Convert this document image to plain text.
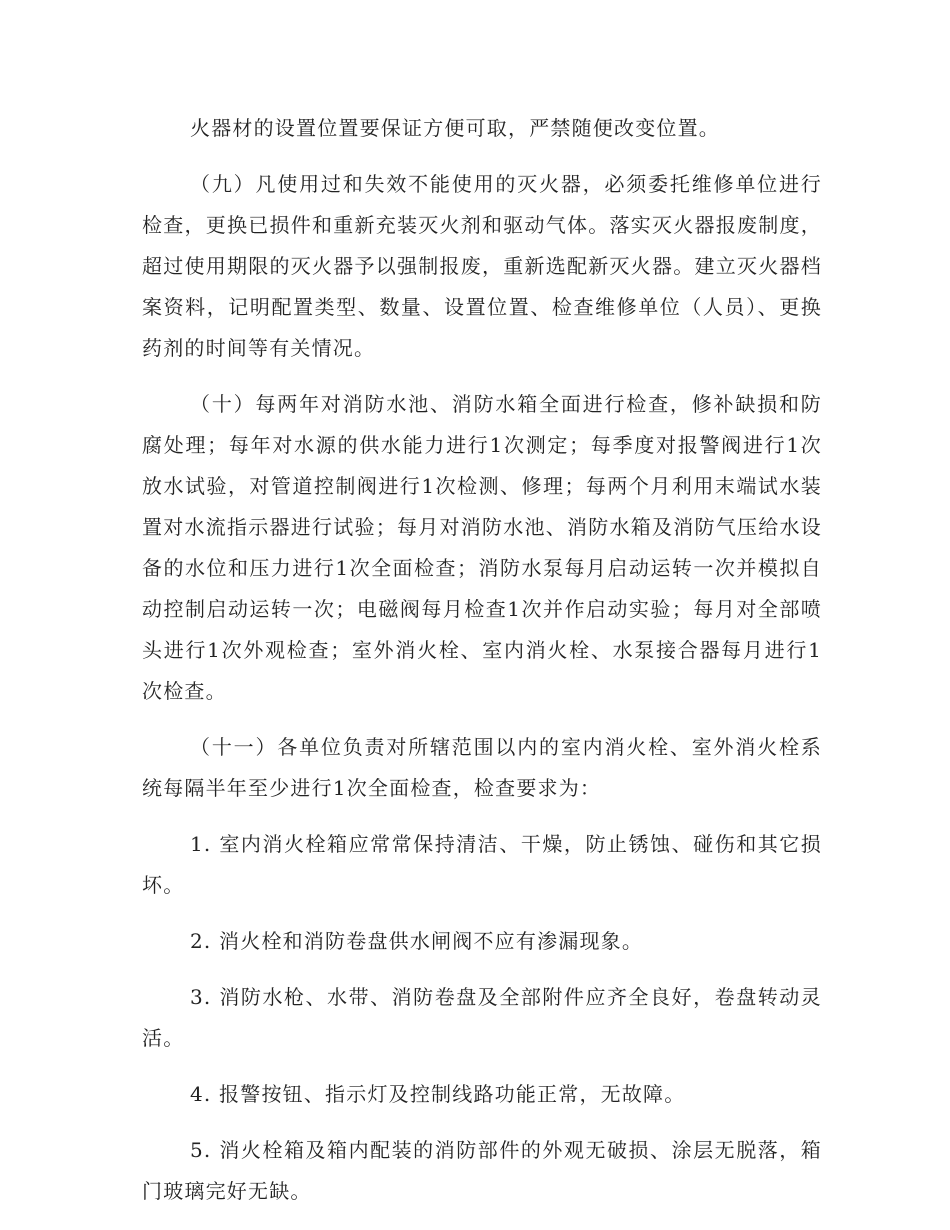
火器材的设置位置要保证方便可取，严禁随便改变位置。

（九）凡使用过和失效不能使用的灭火器，必须委托维修单位进行检查，更换已损件和重新充装灭火剂和驱动气体。落实灭火器报废制度，超过使用期限的灭火器予以强制报废，重新选配新灭火器。建立灭火器档案资料，记明配置类型、数量、设置位置、检查维修单位（人员）、更换药剂的时间等有关情况。

（十）每两年对消防水池、消防水箱全面进行检查，修补缺损和防腐处理；每年对水源的供水能力进行1次测定；每季度对报警阀进行1次放水试验，对管道控制阀进行1次检测、修理；每两个月利用末端试水装置对水流指示器进行试验；每月对消防水池、消防水箱及消防气压给水设备的水位和压力进行1次全面检查；消防水泵每月启动运转一次并模拟自动控制启动运转一次；电磁阀每月检查1次并作启动实验；每月对全部喷头进行1次外观检查；室外消火栓、室内消火栓、水泵接合器每月进行1次检查。

（十一）各单位负责对所辖范围以内的室内消火栓、室外消火栓系统每隔半年至少进行1次全面检查，检查要求为：

1. 室内消火栓箱应常常保持清洁、干燥，防止锈蚀、碰伤和其它损坏。

2. 消火栓和消防卷盘供水闸阀不应有渗漏现象。

3. 消防水枪、水带、消防卷盘及全部附件应齐全良好，卷盘转动灵活。

4. 报警按钮、指示灯及控制线路功能正常，无故障。

5. 消火栓箱及箱内配装的消防部件的外观无破损、涂层无脱落，箱门玻璃完好无缺。
